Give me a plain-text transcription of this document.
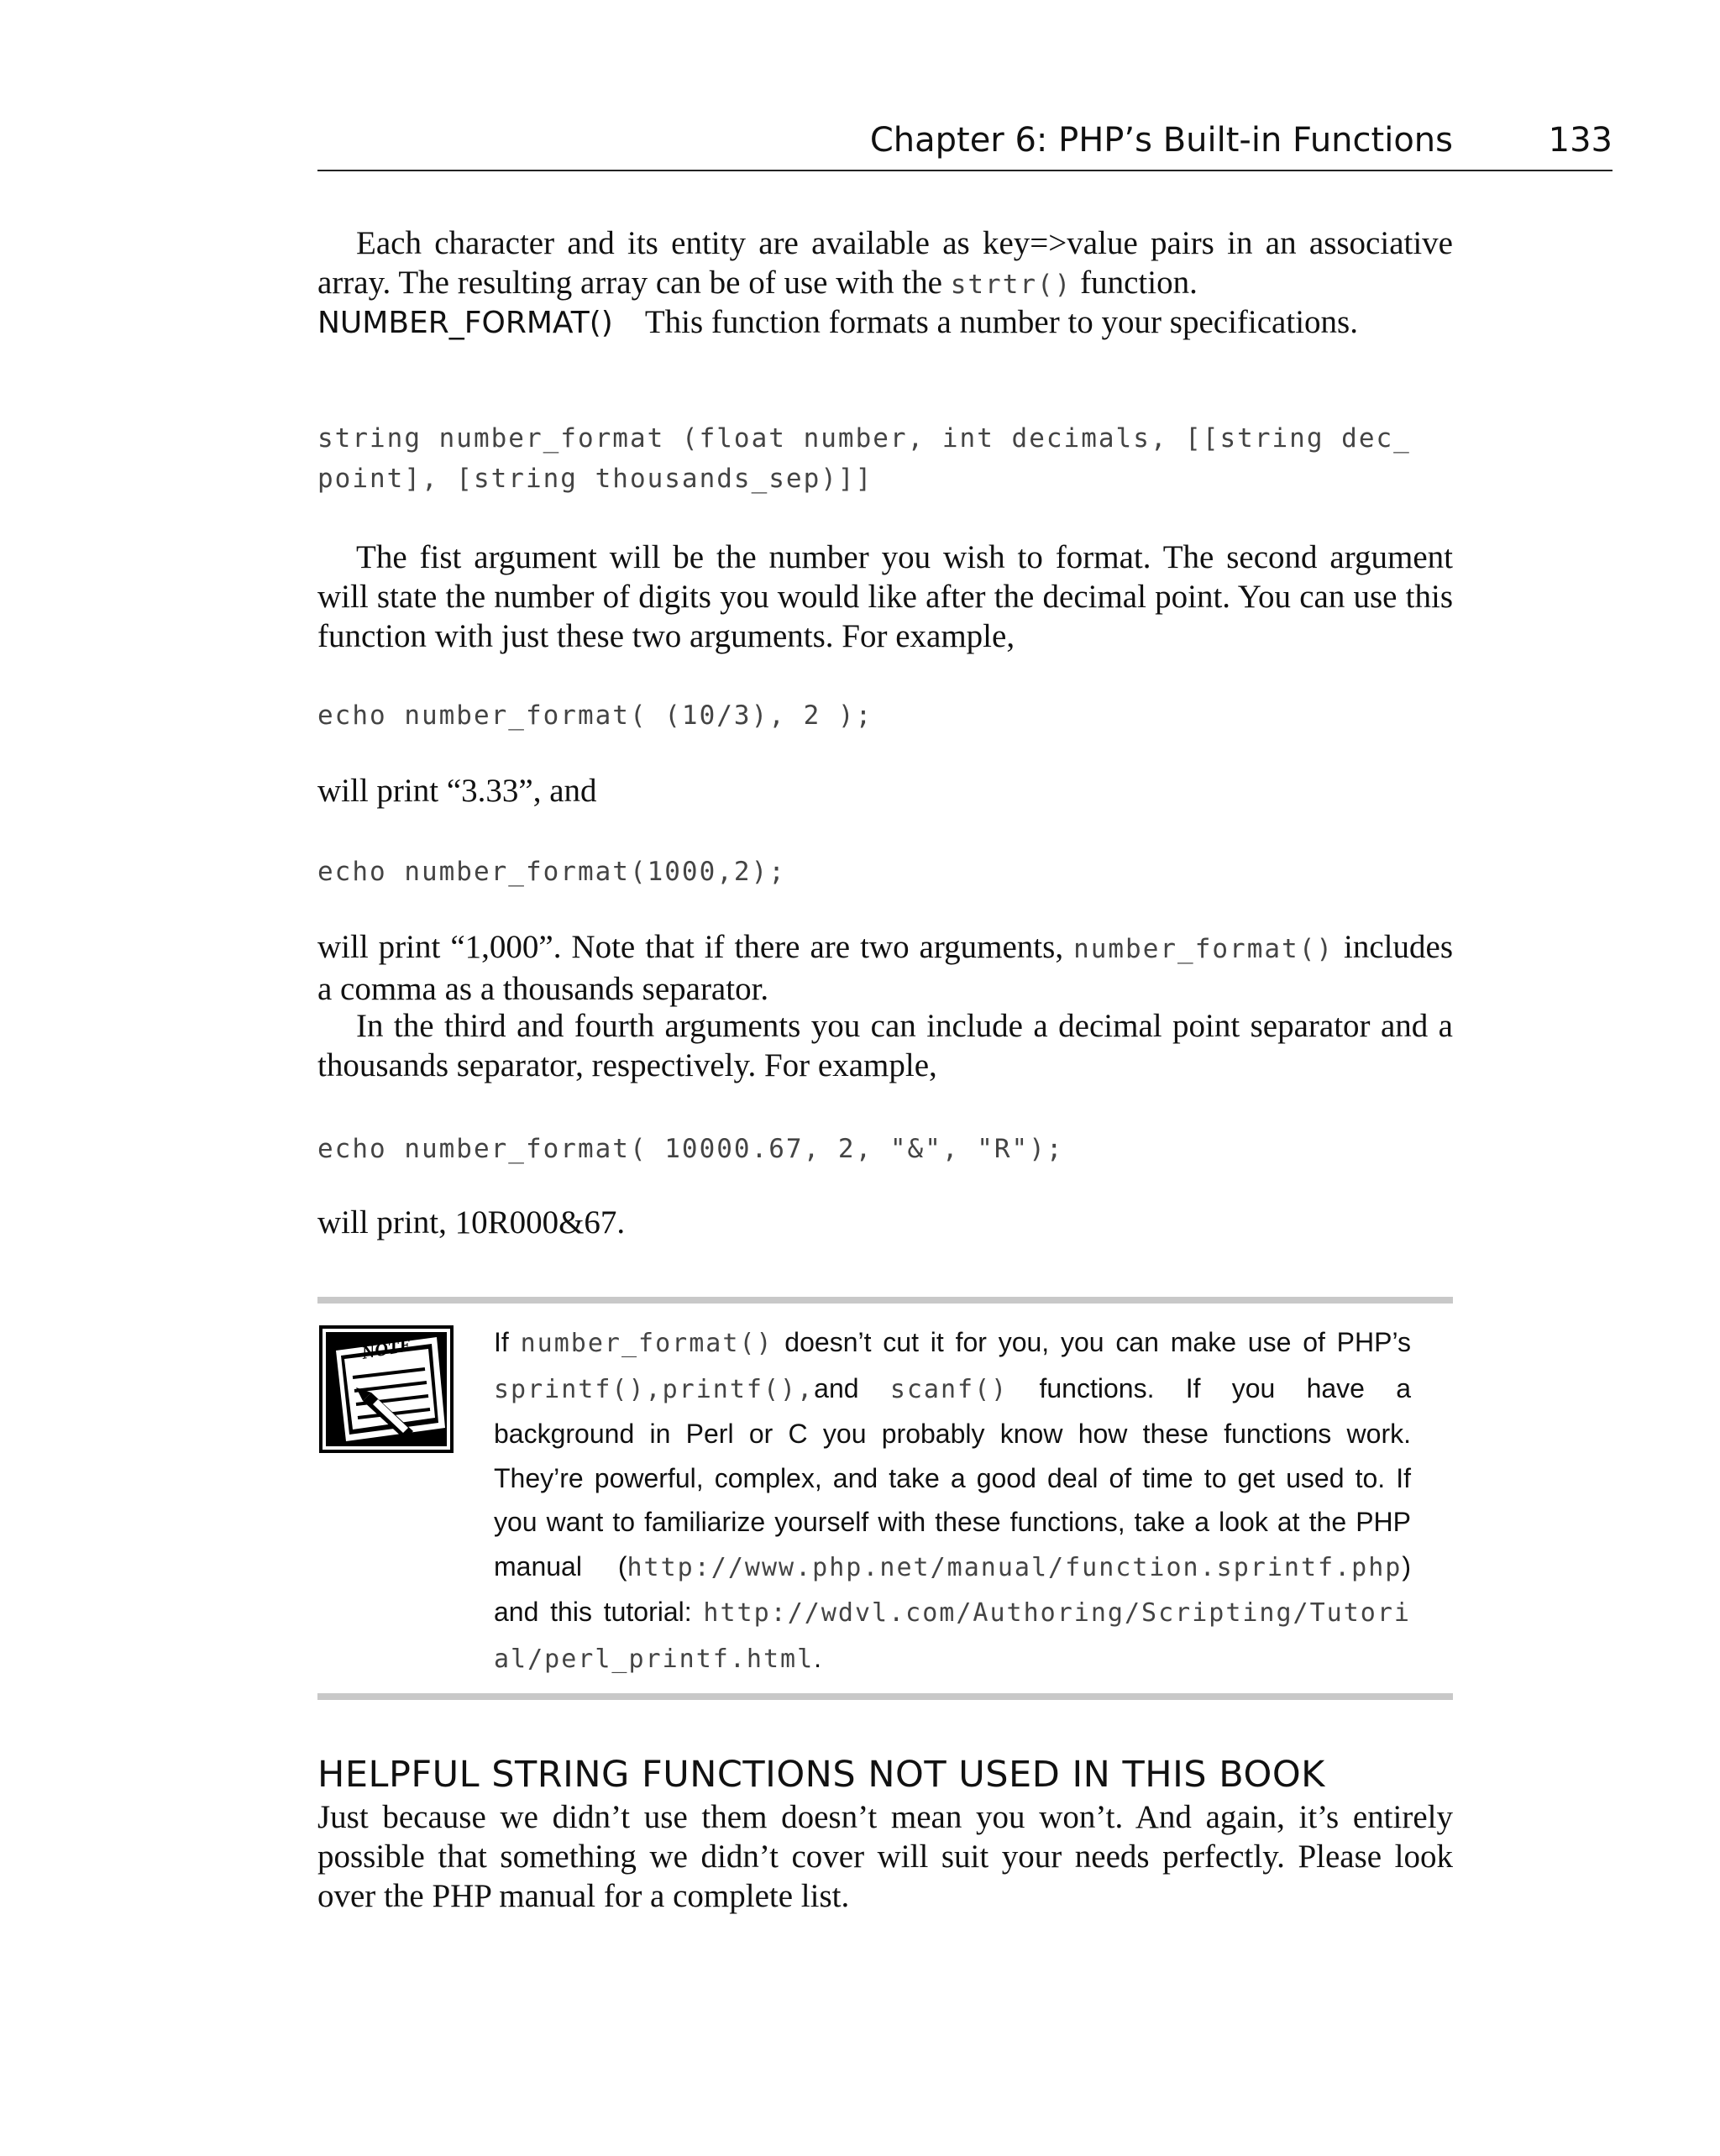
Chapter 6: PHP’s Built-in Functions	133
Each character and its entity are available as key=>value pairs in an associative array. The resulting array can be of use with the strtr() function.
NUMBER_FORMAT() This function formats a number to your specifications.
string number_format (float number, int decimals, [[string dec_
point], [string thousands_sep)]]
The fist argument will be the number you wish to format. The second argument will state the number of digits you would like after the decimal point. You can use this function with just these two arguments. For example,
echo number_format( (10/3), 2 );
will print “3.33”, and
echo number_format(1000,2);
will print “1,000”. Note that if there are two arguments, number_format() includes a comma as a thousands separator.
In the third and fourth arguments you can include a decimal point separator and a thousands separator, respectively. For example,
echo number_format( 10000.67, 2, "&", "R");
will print, 10R000&67.
NOTE	If number_format() doesn’t cut it for you, you can make use of PHP’s sprintf(),printf(),and scanf() functions. If you have a background in Perl or C you probably know how these functions work. They’re powerful, complex, and take a good deal of time to get used to. If you want to familiarize yourself with these functions, take a look at the PHP manual (http://www.php.net/manual/function.sprintf.php) and this tutorial: http://wdvl.com/Authoring/Scripting/Tutorial/perl_printf.html.
HELPFUL STRING FUNCTIONS NOT USED IN THIS BOOK
Just because we didn’t use them doesn’t mean you won’t. And again, it’s entirely possible that something we didn’t cover will suit your needs perfectly. Please look over the PHP manual for a complete list.
